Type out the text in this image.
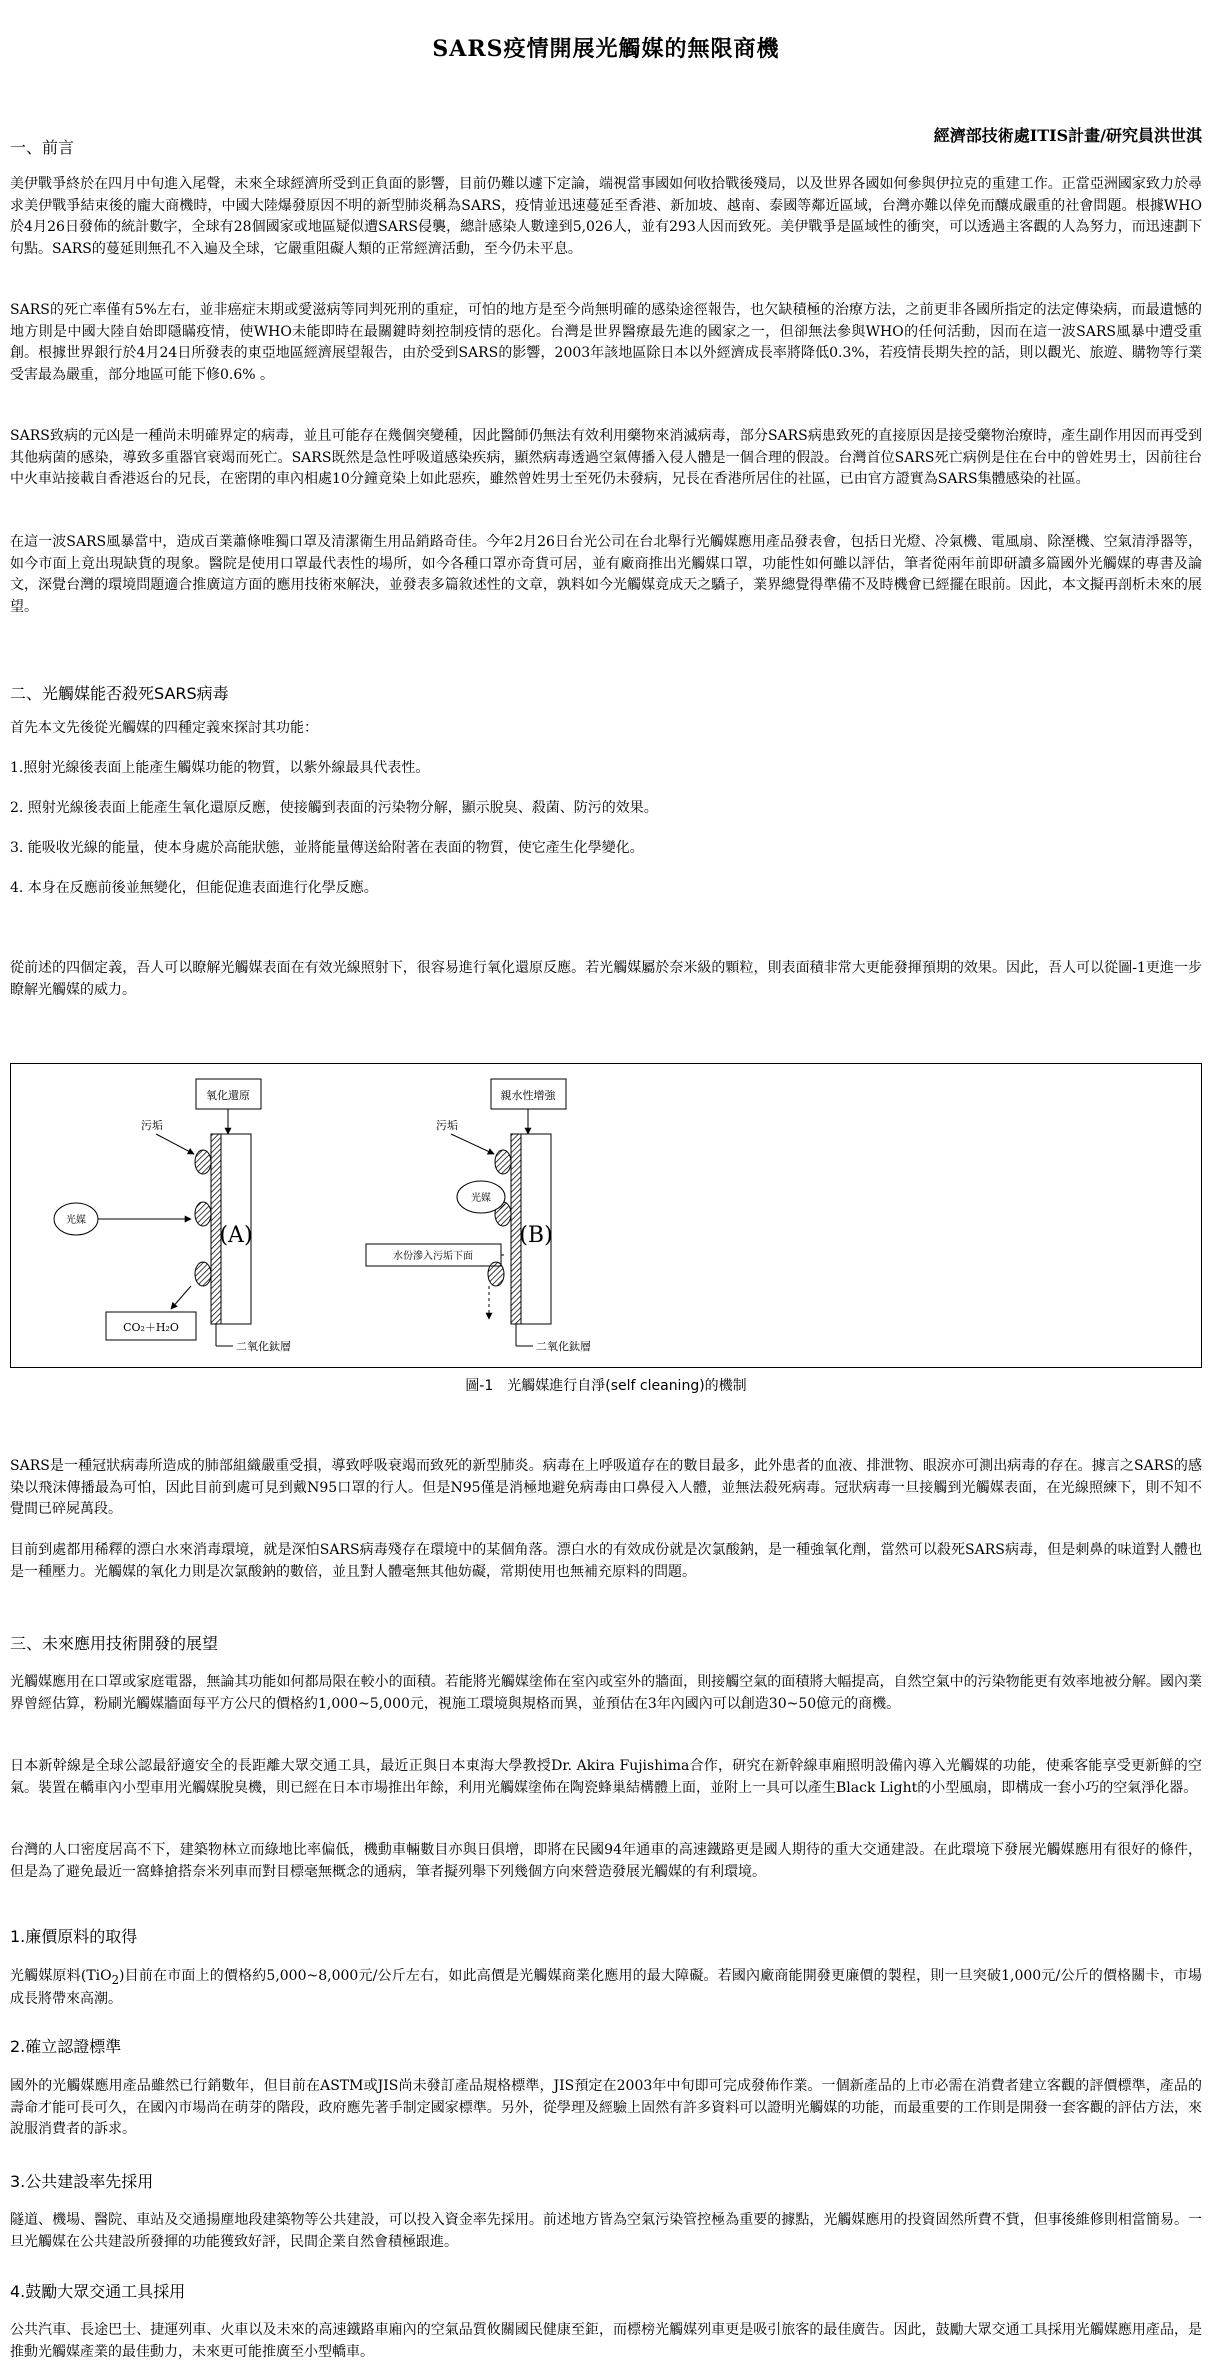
SARS疫情開展光觸媒的無限商機
經濟部技術處ITIS計畫/研究員洪世淇
一、前言

美伊戰爭終於在四月中旬進入尾聲，未來全球經濟所受到正負面的影響，目前仍難以遽下定論，端視當事國如何收拾戰後殘局，以及世界各國如何參與伊拉克的重建工作。正當亞洲國家致力於尋求美伊戰爭結束後的龐大商機時，中國大陸爆發原因不明的新型肺炎稱為SARS，疫情並迅速蔓延至香港、新加坡、越南、泰國等鄰近區域，台灣亦難以倖免而釀成嚴重的社會問題。根據WHO於4月26日發佈的統計數字，全球有28個國家或地區疑似遭SARS侵襲，總計感染人數達到5,026人，並有293人因而致死。美伊戰爭是區域性的衝突，可以透過主客觀的人為努力，而迅速劃下句點。SARS的蔓延則無孔不入遍及全球，它嚴重阻礙人類的正常經濟活動，至今仍未平息。

SARS的死亡率僅有5%左右，並非癌症末期或愛滋病等同判死刑的重症，可怕的地方是至今尚無明確的感染途徑報告，也欠缺積極的治療方法，之前更非各國所指定的法定傳染病，而最遺憾的地方則是中國大陸自始即隱瞞疫情，使WHO未能即時在最關鍵時刻控制疫情的惡化。台灣是世界醫療最先進的國家之一，但卻無法參與WHO的任何活動，因而在這一波SARS風暴中遭受重創。根據世界銀行於4月24日所發表的東亞地區經濟展望報告，由於受到SARS的影響，2003年該地區除日本以外經濟成長率將降低0.3%，若疫情長期失控的話，則以觀光、旅遊、購物等行業受害最為嚴重，部分地區可能下修0.6% 。

SARS致病的元凶是一種尚未明確界定的病毒，並且可能存在幾個突變種，因此醫師仍無法有效利用藥物來消滅病毒，部分SARS病患致死的直接原因是接受藥物治療時，產生副作用因而再受到其他病菌的感染，導致多重器官衰竭而死亡。SARS既然是急性呼吸道感染疾病，顯然病毒透過空氣傳播入侵人體是一個合理的假設。台灣首位SARS死亡病例是住在台中的曾姓男士，因前往台中火車站接載自香港返台的兄長，在密閉的車內相處10分鐘竟染上如此惡疾，雖然曾姓男士至死仍未發病，兄長在香港所居住的社區，已由官方證實為SARS集體感染的社區。

在這一波SARS風暴當中，造成百業蕭條唯獨口罩及清潔衛生用品銷路奇佳。今年2月26日台光公司在台北舉行光觸媒應用產品發表會，包括日光燈、冷氣機、電風扇、除溼機、空氣清淨器等，如今市面上竟出現缺貨的現象。醫院是使用口罩最代表性的場所，如今各種口罩亦奇貨可居，並有廠商推出光觸媒口罩，功能性如何雖以評估，筆者從兩年前即研讀多篇國外光觸媒的專書及論文，深覺台灣的環境問題適合推廣這方面的應用技術來解決，並發表多篇敘述性的文章，孰料如今光觸媒竟成天之驕子，業界總覺得準備不及時機會已經擺在眼前。因此，本文擬再剖析未來的展望。

二、光觸媒能否殺死SARS病毒

首先本文先後從光觸媒的四種定義來探討其功能：

1.照射光線後表面上能產生觸媒功能的物質，以紫外線最具代表性。

2. 照射光線後表面上能產生氧化還原反應，使接觸到表面的污染物分解，顯示脫臭、殺菌、防污的效果。

3. 能吸收光線的能量，使本身處於高能狀態，並將能量傳送給附著在表面的物質，使它產生化學變化。

4. 本身在反應前後並無變化，但能促進表面進行化學反應。

從前述的四個定義，吾人可以瞭解光觸媒表面在有效光線照射下，很容易進行氧化還原反應。若光觸媒屬於奈米級的顆粒，則表面積非常大更能發揮預期的效果。因此，吾人可以從圖-1更進一步瞭解光觸媒的威力。

氧化還原
(A)
污垢
光媒
CO₂＋H₂O
二氧化鈦層
親水性增強
(B)
污垢
光媒
水份滲入污垢下面
二氧化鈦層
圖-1　光觸媒進行自淨(self cleaning)的機制

SARS是一種冠狀病毒所造成的肺部組織嚴重受損，導致呼吸衰竭而致死的新型肺炎。病毒在上呼吸道存在的數目最多，此外患者的血液、排泄物、眼淚亦可測出病毒的存在。據言之SARS的感染以飛沫傳播最為可怕，因此目前到處可見到戴N95口罩的行人。但是N95僅是消極地避免病毒由口鼻侵入人體，並無法殺死病毒。冠狀病毒一旦接觸到光觸媒表面，在光線照練下，則不知不覺間已碎屍萬段。

目前到處都用稀釋的漂白水來消毒環境，就是深怕SARS病毒殘存在環境中的某個角落。漂白水的有效成份就是次氯酸鈉，是一種強氧化劑，當然可以殺死SARS病毒，但是刺鼻的味道對人體也是一種壓力。光觸媒的氧化力則是次氯酸鈉的數倍，並且對人體毫無其他妨礙，常期使用也無補充原料的問題。

三、未來應用技術開發的展望

光觸媒應用在口罩或家庭電器，無論其功能如何都局限在較小的面積。若能將光觸媒塗佈在室內或室外的牆面，則接觸空氣的面積將大幅提高，自然空氣中的污染物能更有效率地被分解。國內業界曾經估算，粉刷光觸媒牆面每平方公尺的價格約1,000~5,000元，視施工環境與規格而異，並預估在3年內國內可以創造30~50億元的商機。

日本新幹線是全球公認最舒適安全的長距離大眾交通工具，最近正與日本東海大學教授Dr. Akira Fujishima合作，研究在新幹線車廂照明設備內導入光觸媒的功能，使乘客能享受更新鮮的空氣。裝置在轎車內小型車用光觸媒脫臭機，則已經在日本市場推出年餘，利用光觸媒塗佈在陶瓷蜂巢結構體上面，並附上一具可以產生Black Light的小型風扇，即構成一套小巧的空氣淨化器。

台灣的人口密度居高不下，建築物林立而綠地比率偏低，機動車輛數目亦與日俱增，即將在民國94年通車的高速鐵路更是國人期待的重大交通建設。在此環境下發展光觸媒應用有很好的條件，但是為了避免最近一窩蜂搶搭奈米列車而對目標毫無概念的通病，筆者擬列舉下列幾個方向來營造發展光觸媒的有利環境。

1.廉價原料的取得

光觸媒原料(TiO$_2$)目前在市面上的價格約5,000~8,000元/公斤左右，如此高價是光觸媒商業化應用的最大障礙。若國內廠商能開發更廉價的製程，則一旦突破1,000元/公斤的價格關卡，市場成長將帶來高潮。

2.確立認證標準

國外的光觸媒應用產品雖然已行銷數年，但目前在ASTM或JIS尚未發訂產品規格標準，JIS預定在2003年中旬即可完成發佈作業。一個新產品的上市必需在消費者建立客觀的評價標準，產品的壽命才能可長可久，在國內市場尚在萌芽的階段，政府應先著手制定國家標準。另外，從學理及經驗上固然有許多資料可以證明光觸媒的功能，而最重要的工作則是開發一套客觀的評估方法，來說服消費者的訴求。

3.公共建設率先採用

隧道、機場、醫院、車站及交通揚塵地段建築物等公共建設，可以投入資金率先採用。前述地方皆為空氣污染管控極為重要的據點，光觸媒應用的投資固然所費不貲，但事後維修則相當簡易。一旦光觸媒在公共建設所發揮的功能獲致好評，民間企業自然會積極跟進。

4.鼓勵大眾交通工具採用

公共汽車、長途巴士、捷運列車、火車以及未來的高速鐵路車廂內的空氣品質攸關國民健康至鉅，而標榜光觸媒列車更是吸引旅客的最佳廣告。因此，鼓勵大眾交通工具採用光觸媒應用產品，是推動光觸媒產業的最佳動力，未來更可能推廣至小型轎車。
